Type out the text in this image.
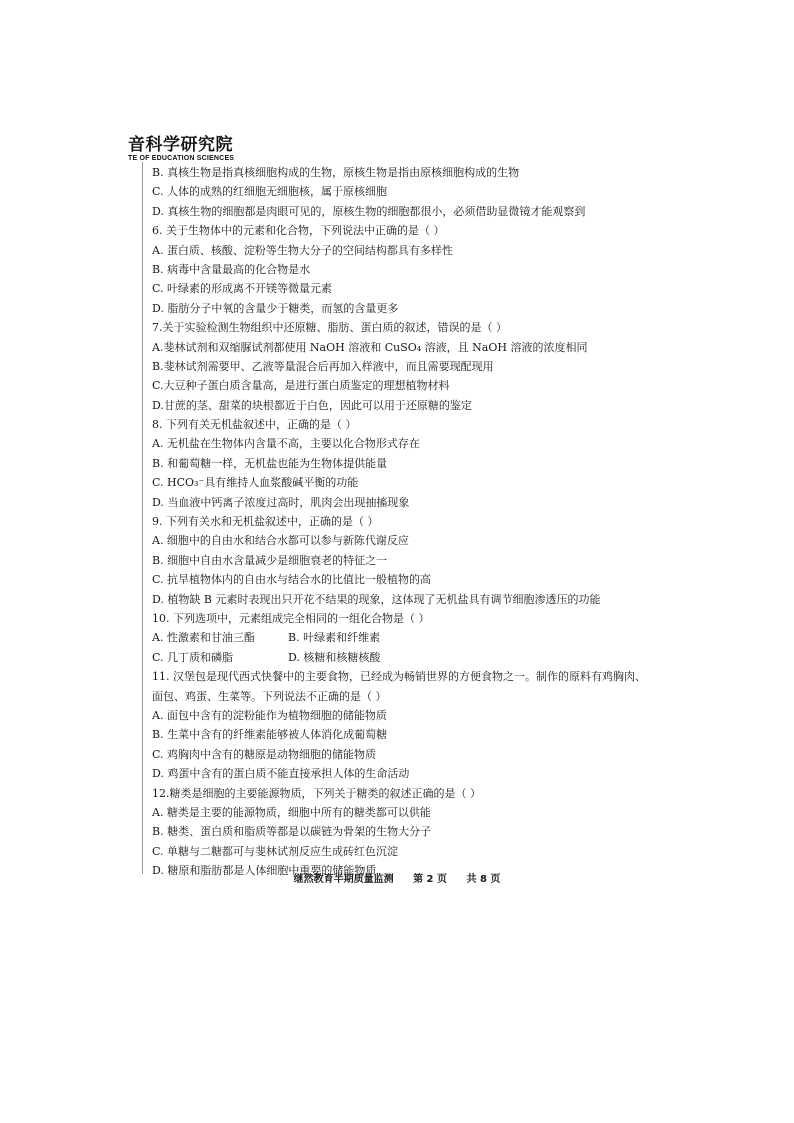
音科学研究院
TE OF EDUCATION SCIENCES
B. 真核生物是指真核细胞构成的生物，原核生物是指由原核细胞构成的生物
C. 人体的成熟的红细胞无细胞核，属于原核细胞
D. 真核生物的细胞都是肉眼可见的，原核生物的细胞都很小，必须借助显微镜才能观察到
6. 关于生物体中的元素和化合物，下列说法中正确的是（ ）
A. 蛋白质、核酸、淀粉等生物大分子的空间结构都具有多样性
B. 病毒中含量最高的化合物是水
C. 叶绿素的形成离不开镁等微量元素
D. 脂肪分子中氧的含量少于糖类，而氢的含量更多
7.关于实验检测生物组织中还原糖、脂肪、蛋白质的叙述，错误的是（ ）
A.斐林试剂和双缩脲试剂都使用 NaOH 溶液和 CuSO₄ 溶液，且 NaOH 溶液的浓度相同
B.斐林试剂需要甲、乙液等量混合后再加入样液中，而且需要现配现用
C.大豆种子蛋白质含量高，是进行蛋白质鉴定的理想植物材料
D.甘蔗的茎、甜菜的块根都近于白色，因此可以用于还原糖的鉴定
8. 下列有关无机盐叙述中，正确的是（ ）
A. 无机盐在生物体内含量不高，主要以化合物形式存在
B. 和葡萄糖一样，无机盐也能为生物体提供能量
C. HCO₃⁻具有维持人血浆酸碱平衡的功能
D. 当血液中钙离子浓度过高时，肌肉会出现抽搐现象
9. 下列有关水和无机盐叙述中，正确的是（ ）
A. 细胞中的自由水和结合水都可以参与新陈代谢反应
B. 细胞中自由水含量减少是细胞衰老的特征之一
C. 抗旱植物体内的自由水与结合水的比值比一般植物的高
D. 植物缺 B 元素时表现出只开花不结果的现象，这体现了无机盐具有调节细胞渗透压的功能
10. 下列选项中，元素组成完全相同的一组化合物是（ ）
A. 性激素和甘油三酯	B. 叶绿素和纤维素
C. 几丁质和磷脂	D. 核糖和核糖核酸
11. 汉堡包是现代西式快餐中的主要食物，已经成为畅销世界的方便食物之一。制作的原料有鸡胸肉、
面包、鸡蛋、生菜等。下列说法不正确的是（ ）
A. 面包中含有的淀粉能作为植物细胞的储能物质
B. 生菜中含有的纤维素能够被人体消化成葡萄糖
C. 鸡胸肉中含有的糖原是动物细胞的储能物质
D. 鸡蛋中含有的蛋白质不能直接承担人体的生命活动
12.糖类是细胞的主要能源物质，下列关于糖类的叙述正确的是（ ）
A. 糖类是主要的能源物质，细胞中所有的糖类都可以供能
B. 糖类、蛋白质和脂质等都是以碳链为骨架的生物大分子
C. 单糖与二糖都可与斐林试剂反应生成砖红色沉淀
D. 糖原和脂肪都是人体细胞中重要的储能物质
继然教育半期质量监测 第 2 页 共 8 页
